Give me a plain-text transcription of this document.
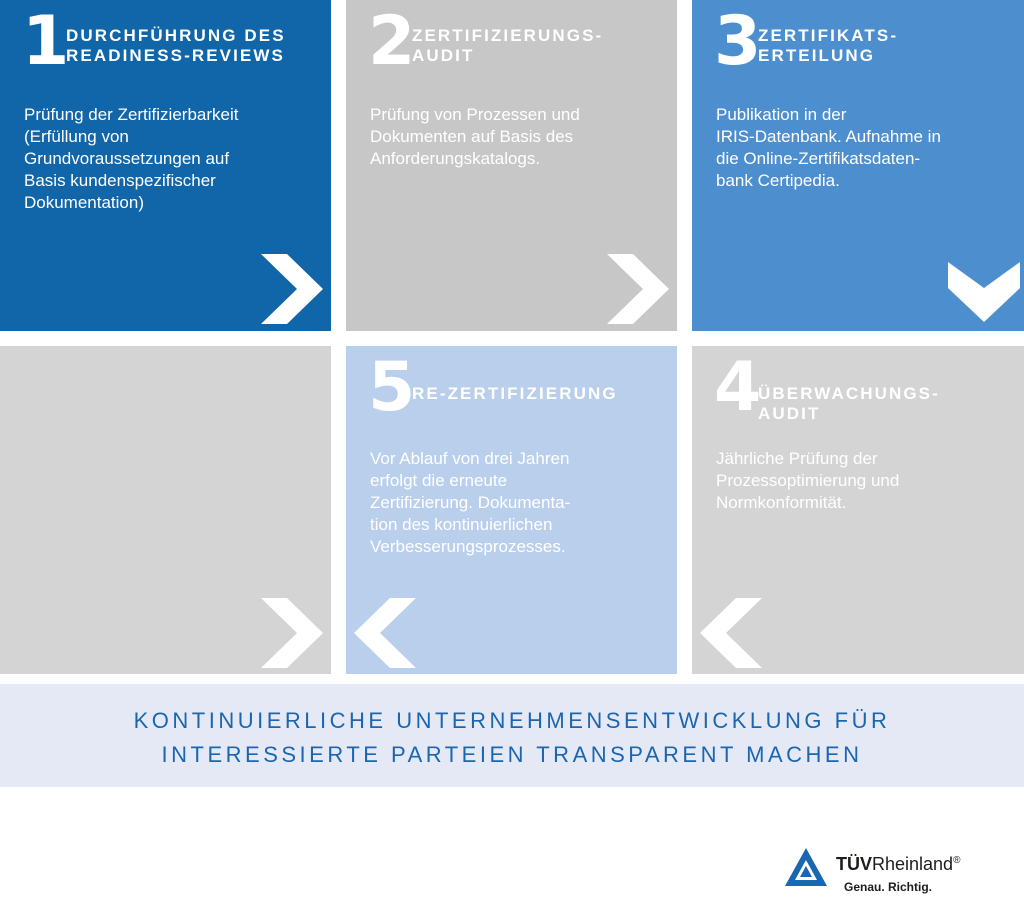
1
DURCHFÜHRUNG DES
READINESS-REVIEWS
Prüfung der Zertifizierbarkeit
(Erfüllung von
Grundvoraussetzungen auf
Basis kundenspezifischer
Dokumentation)
2
ZERTIFIZIERUNGS-
AUDIT
Prüfung von Prozessen und
Dokumenten auf Basis des
Anforderungskatalogs.
3
ZERTIFIKATS-
ERTEILUNG
Publikation in der
IRIS-Datenbank. Aufnahme in
die Online-Zertifikatsdaten-
bank Certipedia.
5
RE-ZERTIFIZIERUNG
Vor Ablauf von drei Jahren
erfolgt die erneute
Zertifizierung. Dokumenta-
tion des kontinuierlichen
Verbesserungsprozesses.
4
ÜBERWACHUNGS-
AUDIT
Jährliche Prüfung der
Prozessoptimierung und
Normkonformität.
KONTINUIERLICHE UNTERNEHMENSENTWICKLUNG FÜR
INTERESSIERTE PARTEIEN TRANSPARENT MACHEN
TÜVRheinland®
Genau. Richtig.
